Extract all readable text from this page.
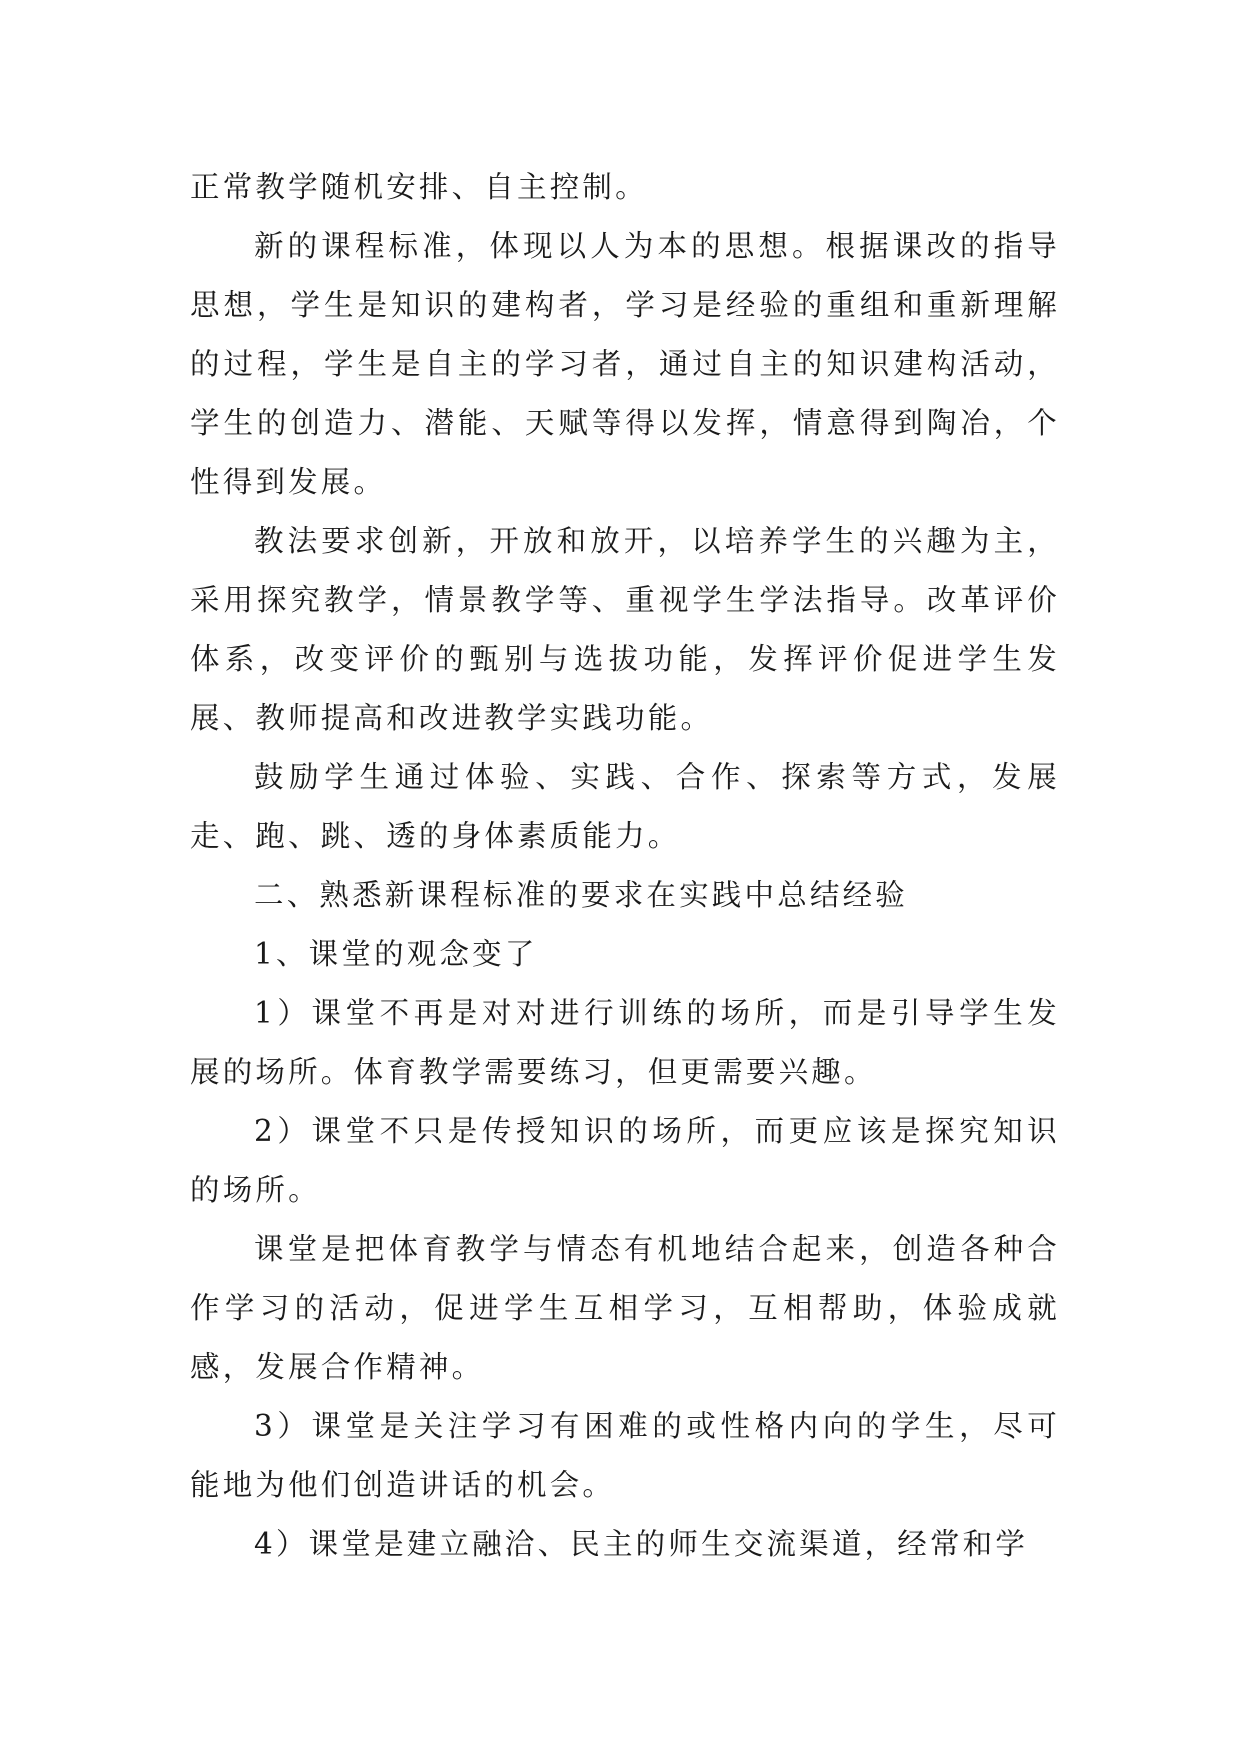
正常教学随机安排、自主控制。

新的课程标准，体现以人为本的思想。根据课改的指导思想，学生是知识的建构者，学习是经验的重组和重新理解的过程，学生是自主的学习者，通过自主的知识建构活动，学生的创造力、潜能、天赋等得以发挥，情意得到陶冶，个性得到发展。

教法要求创新，开放和放开，以培养学生的兴趣为主，采用探究教学，情景教学等、重视学生学法指导。改革评价体系，改变评价的甄别与选拔功能，发挥评价促进学生发展、教师提高和改进教学实践功能。

鼓励学生通过体验、实践、合作、探索等方式，发展走、跑、跳、透的身体素质能力。

二、熟悉新课程标准的要求在实践中总结经验

1、课堂的观念变了

1）课堂不再是对对进行训练的场所，而是引导学生发展的场所。体育教学需要练习，但更需要兴趣。

2）课堂不只是传授知识的场所，而更应该是探究知识的场所。

课堂是把体育教学与情态有机地结合起来，创造各种合作学习的活动，促进学生互相学习，互相帮助，体验成就感，发展合作精神。

3）课堂是关注学习有困难的或性格内向的学生，尽可能地为他们创造讲话的机会。

4）课堂是建立融洽、民主的师生交流渠道，经常和学
